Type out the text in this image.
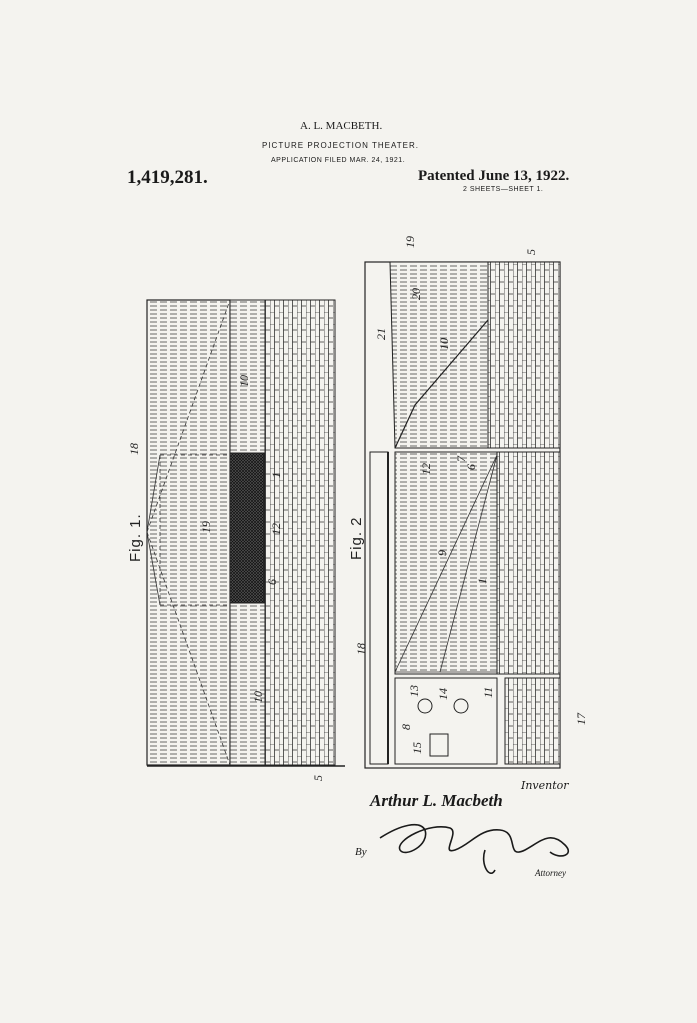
A. L. MACBETH.
PICTURE PROJECTION THEATER.
APPLICATION FILED MAR. 24, 1921.
1,419,281.	Patented June 13, 1922.
2 SHEETS—SHEET 1.
Fig. 1.
10
10
19	12
1
6
18
5
Fig. 2
19
20
21
10
12
7
6
9
1
18
8
13 14	11
15
17
5
Inventor
Arthur L. Macbeth
By
Attorney
